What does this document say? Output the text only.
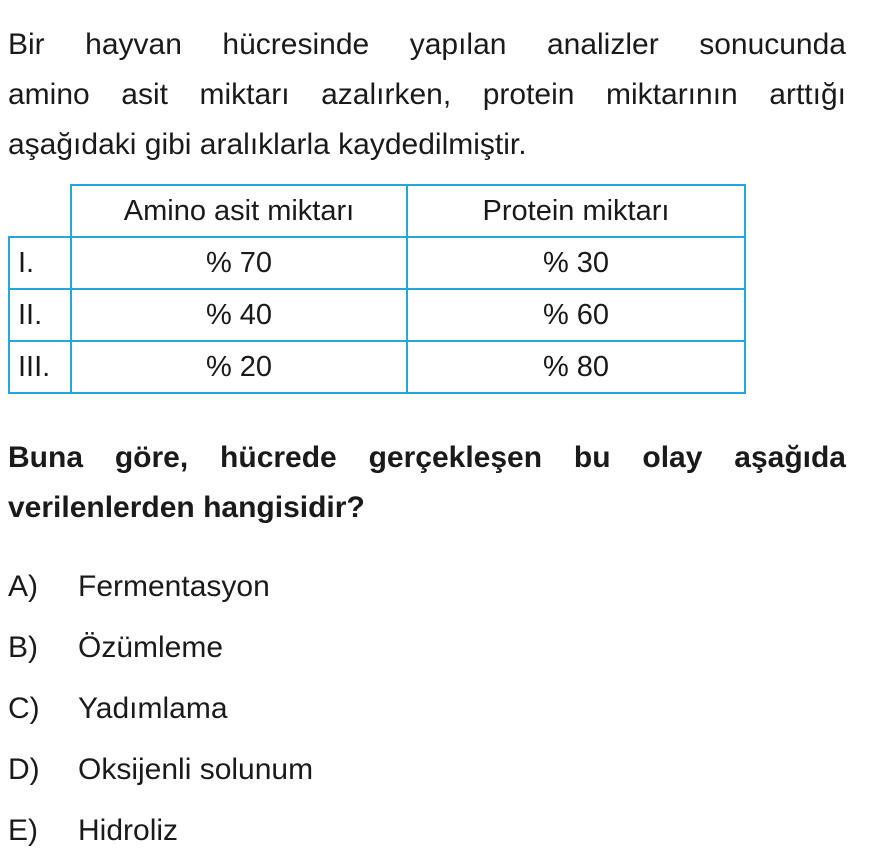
Bir hayvan hücresinde yapılan analizler sonucunda
amino asit miktarı azalırken, protein miktarının arttığı
aşağıdaki gibi aralıklarla kaydedilmiştir.
	Amino asit miktarı	Protein miktarı
I.	% 70	% 30
II.	% 40	% 60
III.	% 20	% 80
Buna göre, hücrede gerçekleşen bu olay aşağıda
verilenlerden hangisidir?
A) Fermentasyon
B) Özümleme
C) Yadımlama
D) Oksijenli solunum
E) Hidroliz
